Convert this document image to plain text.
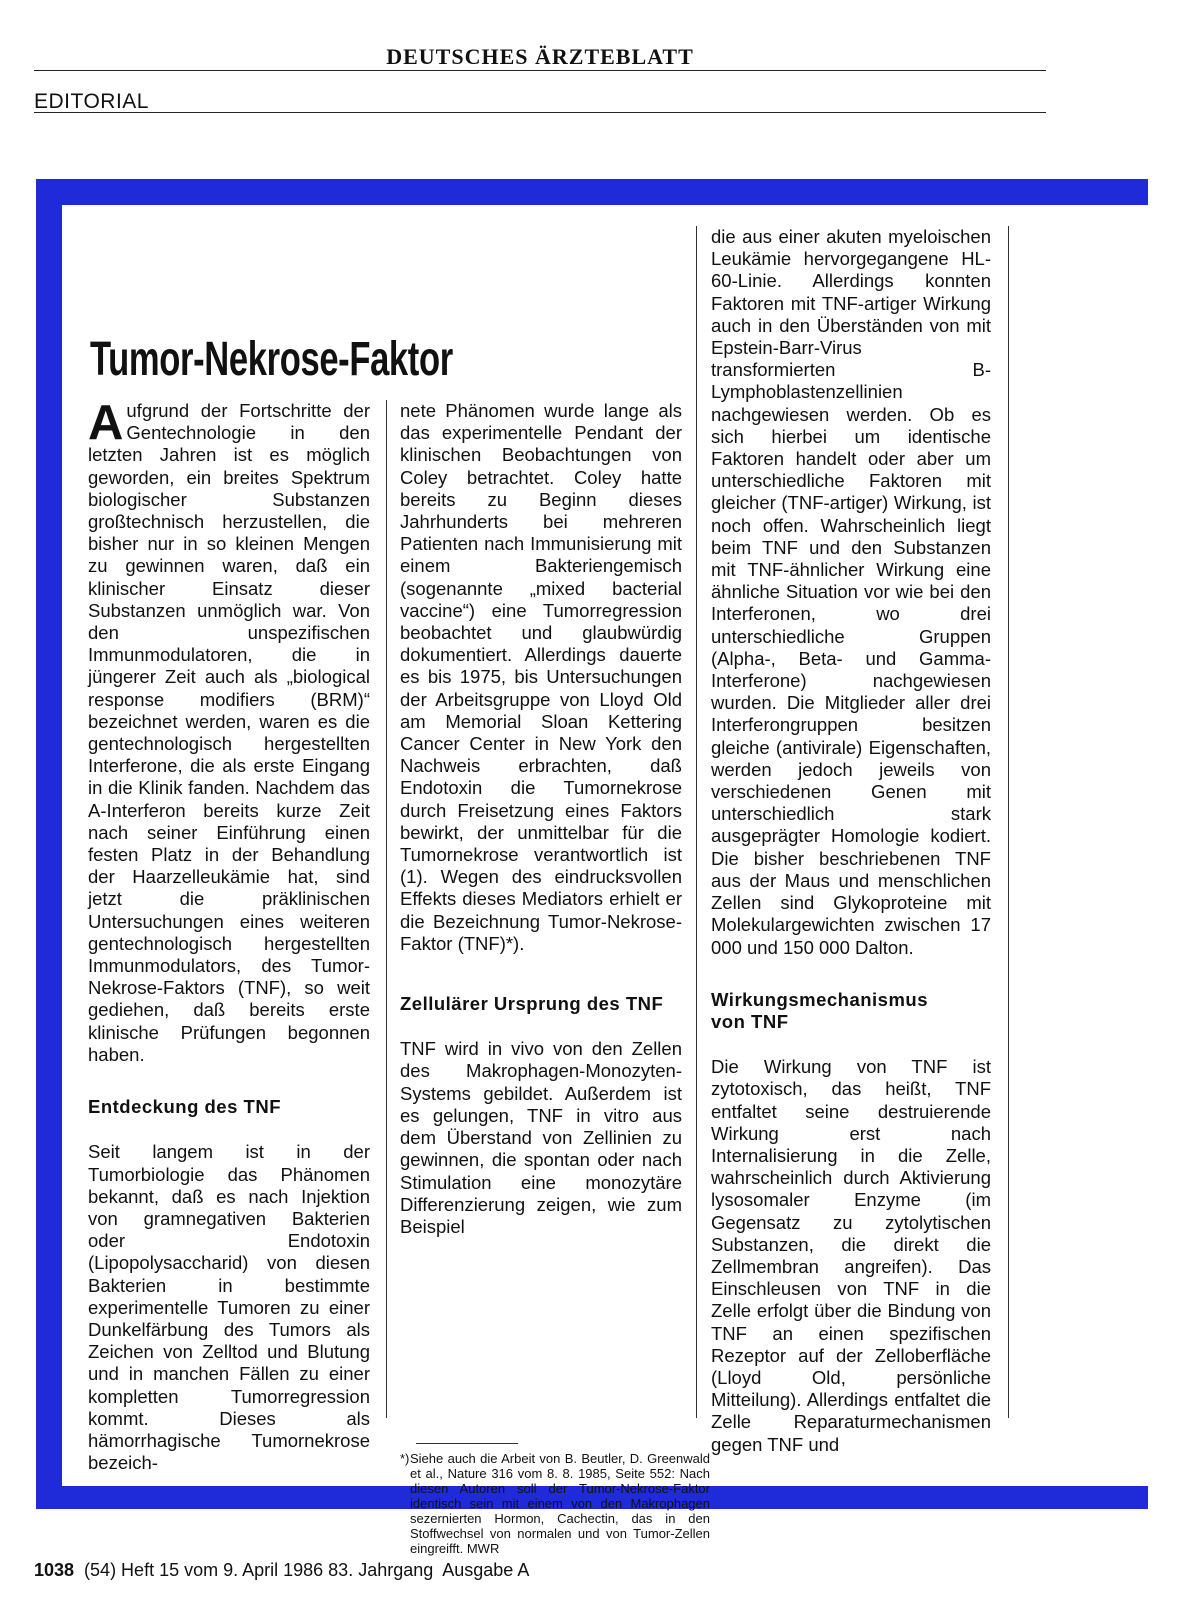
DEUTSCHES ÄRZTEBLATT
EDITORIAL
Tumor-Nekrose-Faktor

Aufgrund der Fortschritte der Gentechnologie in den letzten Jahren ist es möglich geworden, ein breites Spektrum biologischer Substanzen großtechnisch herzustellen, die bisher nur in so kleinen Mengen zu gewinnen waren, daß ein klinischer Einsatz dieser Substanzen unmöglich war. Von den unspezifischen Immunmodulatoren, die in jüngerer Zeit auch als „biological response modifiers (BRM)“ bezeichnet werden, waren es die gentechnologisch hergestellten Interferone, die als erste Eingang in die Klinik fanden. Nachdem das A-Interferon bereits kurze Zeit nach seiner Einführung einen festen Platz in der Behandlung der Haarzelleukämie hat, sind jetzt die präklinischen Untersuchungen eines weiteren gentechnologisch hergestellten Immunmodulators, des Tumor-Nekrose-Faktors (TNF), so weit gediehen, daß bereits erste klinische Prüfungen begonnen haben.

Entdeckung des TNF

Seit langem ist in der Tumorbiologie das Phänomen bekannt, daß es nach Injektion von gramnegativen Bakterien oder Endotoxin (Lipopolysaccharid) von diesen Bakterien in bestimmte experimentelle Tumoren zu einer Dunkelfärbung des Tumors als Zeichen von Zelltod und Blutung und in manchen Fällen zu einer kompletten Tumorregression kommt. Dieses als hämorrhagische Tumornekrose bezeich-

nete Phänomen wurde lange als das experimentelle Pendant der klinischen Beobachtungen von Coley betrachtet. Coley hatte bereits zu Beginn dieses Jahrhunderts bei mehreren Patienten nach Immunisierung mit einem Bakteriengemisch (sogenannte „mixed bacterial vaccine“) eine Tumorregression beobachtet und glaubwürdig dokumentiert. Allerdings dauerte es bis 1975, bis Untersuchungen der Arbeitsgruppe von Lloyd Old am Memorial Sloan Kettering Cancer Center in New York den Nachweis erbrachten, daß Endotoxin die Tumornekrose durch Freisetzung eines Faktors bewirkt, der unmittelbar für die Tumornekrose verantwortlich ist (1). Wegen des eindrucksvollen Effekts dieses Mediators erhielt er die Bezeichnung Tumor-Nekrose-Faktor (TNF)*).

Zellulärer Ursprung des TNF

TNF wird in vivo von den Zellen des Makrophagen-Monozyten-Systems gebildet. Außerdem ist es gelungen, TNF in vitro aus dem Überstand von Zellinien zu gewinnen, die spontan oder nach Stimulation eine monozytäre Differenzierung zeigen, wie zum Beispiel

die aus einer akuten myeloischen Leukämie hervorgegangene HL-60-Linie. Allerdings konnten Faktoren mit TNF-artiger Wirkung auch in den Überständen von mit Epstein-Barr-Virus transformierten B-Lymphoblastenzellinien nachgewiesen werden. Ob es sich hierbei um identische Faktoren handelt oder aber um unterschiedliche Faktoren mit gleicher (TNF-artiger) Wirkung, ist noch offen. Wahrscheinlich liegt beim TNF und den Substanzen mit TNF-ähnlicher Wirkung eine ähnliche Situation vor wie bei den Interferonen, wo drei unterschiedliche Gruppen (Alpha-, Beta- und Gamma-Interferone) nachgewiesen wurden. Die Mitglieder aller drei Interferongruppen besitzen gleiche (antivirale) Eigenschaften, werden jedoch jeweils von verschiedenen Genen mit unterschiedlich stark ausgeprägter Homologie kodiert. Die bisher beschriebenen TNF aus der Maus und menschlichen Zellen sind Glykoproteine mit Molekulargewichten zwischen 17 000 und 150 000 Dalton.

Wirkungsmechanismus von TNF

Die Wirkung von TNF ist zytotoxisch, das heißt, TNF entfaltet seine destruierende Wirkung erst nach Internalisierung in die Zelle, wahrscheinlich durch Aktivierung lysosomaler Enzyme (im Gegensatz zu zytolytischen Substanzen, die direkt die Zellmembran angreifen). Das Einschleusen von TNF in die Zelle erfolgt über die Bindung von TNF an einen spezifischen Rezeptor auf der Zelloberfläche (Lloyd Old, persönliche Mitteilung). Allerdings entfaltet die Zelle Reparaturmechanismen gegen TNF und

*) Siehe auch die Arbeit von B. Beutler, D. Greenwald et al., Nature 316 vom 8. 8. 1985, Seite 552: Nach diesen Autoren soll der Tumor-Nekrose-Faktor identisch sein mit einem von den Makrophagen sezernierten Hormon, Cachectin, das in den Stoffwechsel von normalen und von Tumor-Zellen eingreifft. MWR
1038 (54) Heft 15 vom 9. April 1986 83. Jahrgang  Ausgabe A
